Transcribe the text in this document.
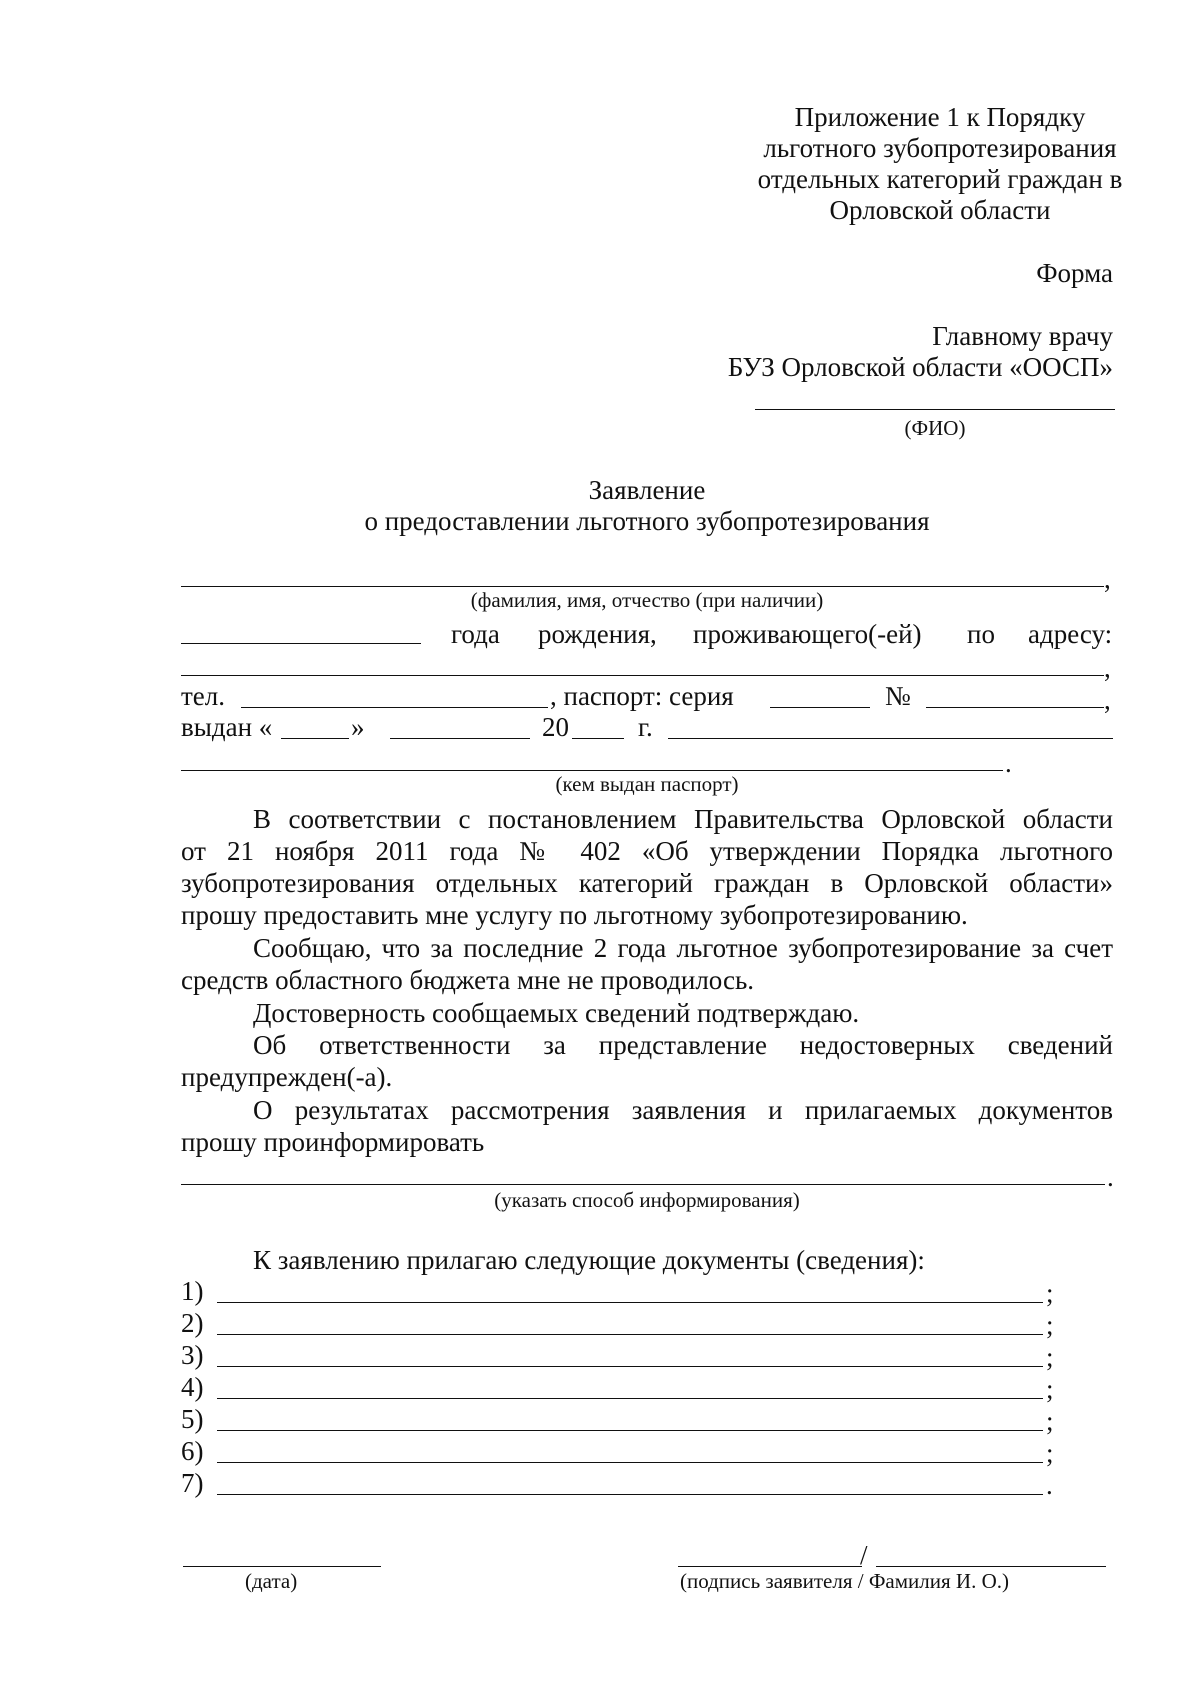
Приложение 1 к Порядку
льготного зубопротезирования
отдельных категорий граждан в
Орловской области
Форма
Главному врачу
БУЗ Орловской области «ООСП»
(ФИО)
Заявление
о предоставлении льготного зубопротезирования
,
(фамилия, имя, отчество (при наличии)
года рождения, проживающего(-ей) по адресу:
,
тел.	, паспорт: серия	№	,
выдан «	»	20	г.
.
(кем выдан паспорт)
В соответствии с постановлением Правительства Орловской области
от 21 ноября 2011 года № 402 «Об утверждении Порядка льготного
зубопротезирования отдельных категорий граждан в Орловской области»
прошу предоставить мне услугу по льготному зубопротезированию.
Сообщаю, что за последние 2 года льготное зубопротезирование за счет
средств областного бюджета мне не проводилось.
Достоверность сообщаемых сведений подтверждаю.
Об ответственности за представление недостоверных сведений
предупрежден(-а).
О результатах рассмотрения заявления и прилагаемых документов
прошу проинформировать
.
(указать способ информирования)
К заявлению прилагаю следующие документы (сведения):
1)	;
2)	;
3)	;
4)	;
5)	;
6)	;
7)	.
(дата)
/
(подпись заявителя / Фамилия И. О.)
